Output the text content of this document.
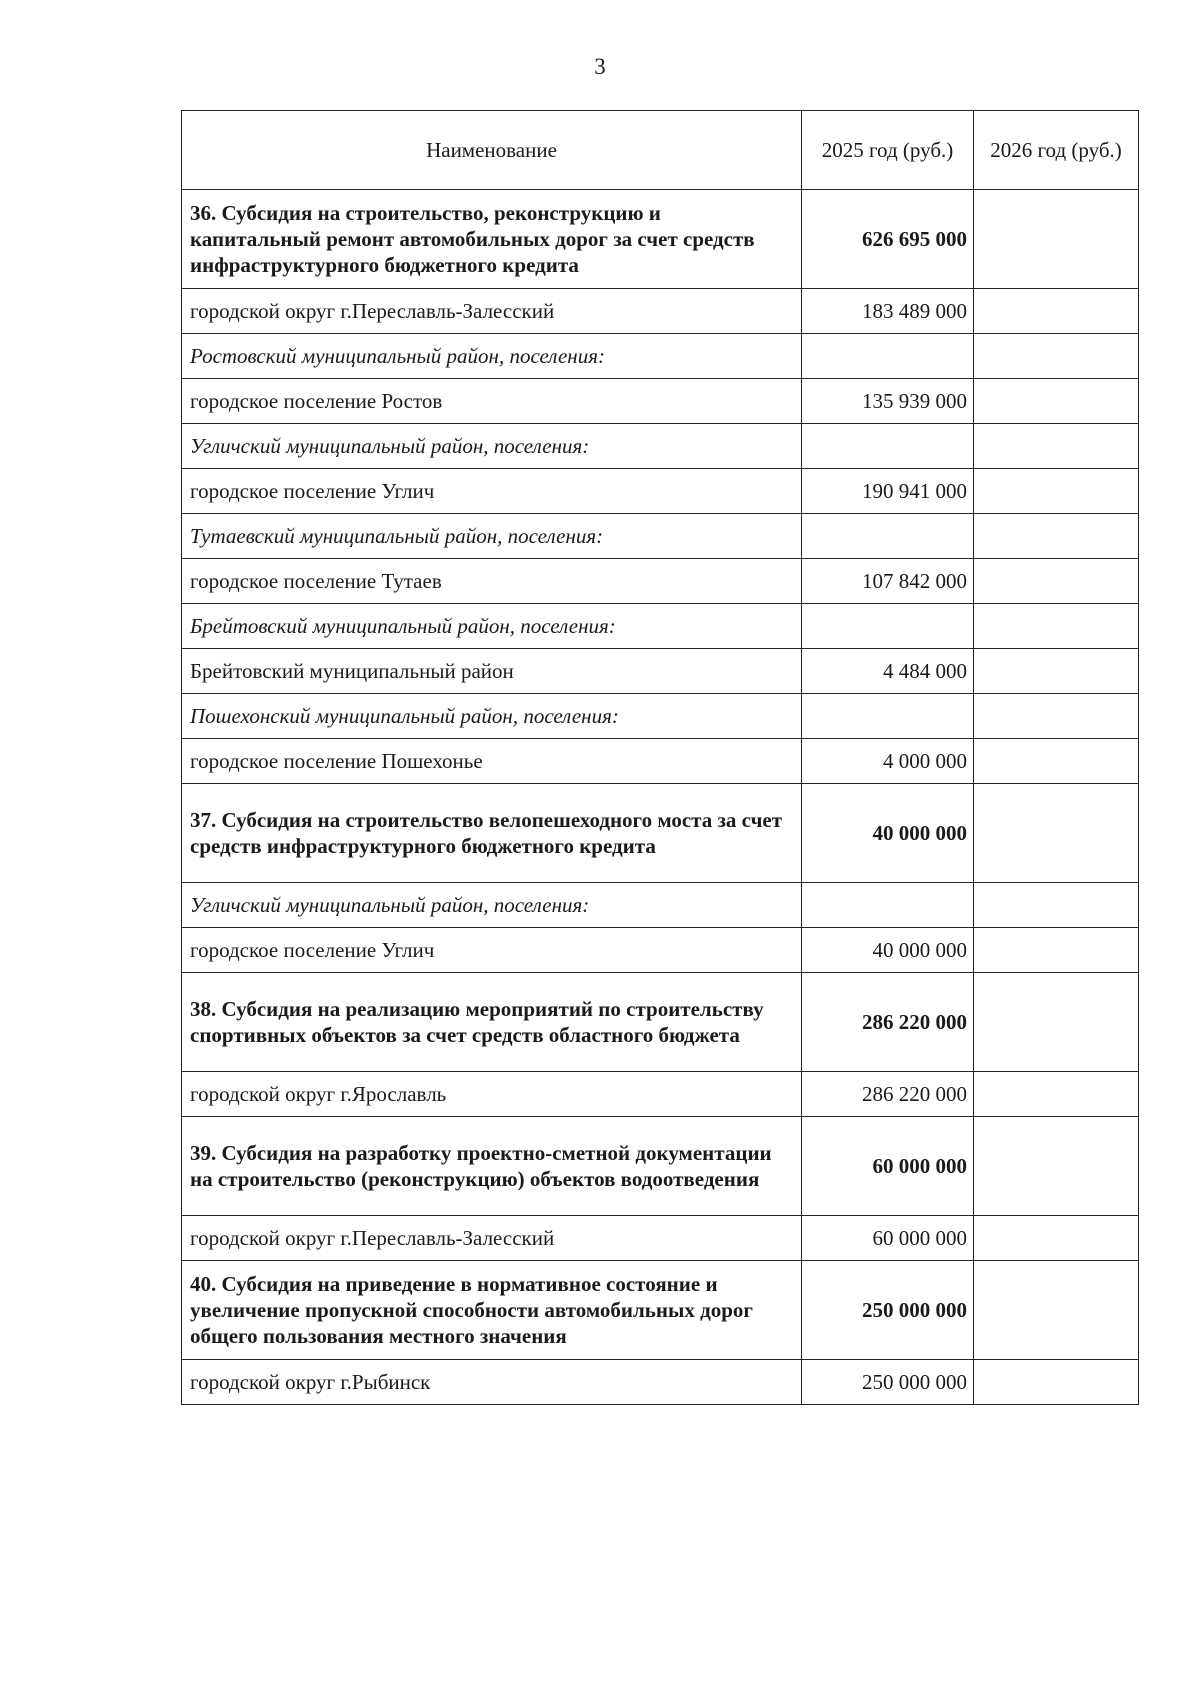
3
Наименование	2025 год (руб.)	2026 год (руб.)
36. Субсидия на строительство, реконструкцию и капитальный ремонт автомобильных дорог за счет средств инфраструктурного бюджетного кредита	626 695 000	
городской округ г.Переславль-Залесский	183 489 000	
Ростовский муниципальный район, поселения:		
городское поселение Ростов	135 939 000	
Угличский муниципальный район, поселения:		
городское поселение Углич	190 941 000	
Тутаевский муниципальный район, поселения:		
городское поселение Тутаев	107 842 000	
Брейтовский муниципальный район, поселения:		
Брейтовский муниципальный район	4 484 000	
Пошехонский муниципальный район, поселения:		
городское поселение Пошехонье	4 000 000	
37. Субсидия на строительство велопешеходного моста за счет средств инфраструктурного бюджетного кредита	40 000 000	
Угличский муниципальный район, поселения:		
городское поселение Углич	40 000 000	
38. Субсидия на реализацию мероприятий по строительству спортивных объектов за счет средств областного бюджета	286 220 000	
городской округ г.Ярославль	286 220 000	
39. Субсидия на разработку проектно-сметной документации на строительство (реконструкцию) объектов водоотведения	60 000 000	
городской округ г.Переславль-Залесский	60 000 000	
40. Субсидия на приведение в нормативное состояние и увеличение пропускной способности автомобильных дорог общего пользования местного значения	250 000 000	
городской округ г.Рыбинск	250 000 000	
